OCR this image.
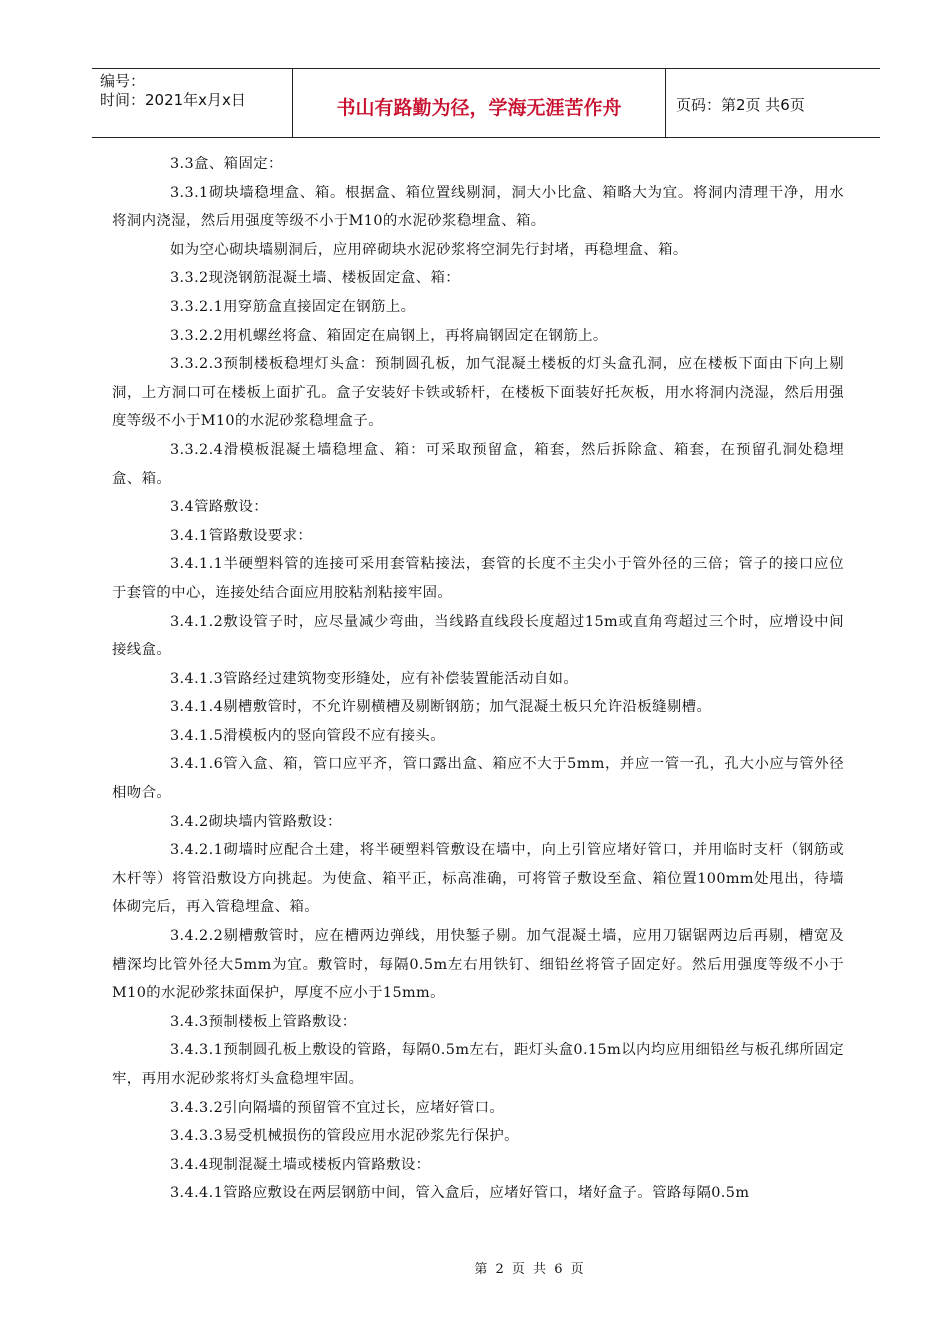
编号：
时间：2021年x月x日	书山有路勤为径，学海无涯苦作舟	页码：第2页 共6页

3.3盒、箱固定：

3.3.1砌块墙稳埋盒、箱。根据盒、箱位置线剔洞，洞大小比盒、箱略大为宜。将洞内清理干净，用水将洞内浇湿，然后用强度等级不小于M10的水泥砂浆稳埋盒、箱。

如为空心砌块墙剔洞后，应用碎砌块水泥砂浆将空洞先行封堵，再稳埋盒、箱。

3.3.2现浇钢筋混凝土墙、楼板固定盒、箱：

3.3.2.1用穿筋盒直接固定在钢筋上。

3.3.2.2用机螺丝将盒、箱固定在扁钢上，再将扁钢固定在钢筋上。

3.3.2.3预制楼板稳埋灯头盒：预制圆孔板，加气混凝土楼板的灯头盒孔洞，应在楼板下面由下向上剔洞，上方洞口可在楼板上面扩孔。盒子安装好卡铁或轿杆，在楼板下面装好托灰板，用水将洞内浇湿，然后用强度等级不小于M10的水泥砂浆稳埋盒子。

3.3.2.4滑模板混凝土墙稳埋盒、箱：可采取预留盒，箱套，然后拆除盒、箱套，在预留孔洞处稳埋盒、箱。

3.4管路敷设：

3.4.1管路敷设要求：

3.4.1.1半硬塑料管的连接可采用套管粘接法，套管的长度不主尖小于管外径的三倍；管子的接口应位于套管的中心，连接处结合面应用胶粘剂粘接牢固。

3.4.1.2敷设管子时，应尽量减少弯曲，当线路直线段长度超过15m或直角弯超过三个时，应增设中间接线盒。

3.4.1.3管路经过建筑物变形缝处，应有补偿装置能活动自如。

3.4.1.4剔槽敷管时，不允许剔横槽及剔断钢筋；加气混凝土板只允许沿板缝剔槽。

3.4.1.5滑模板内的竖向管段不应有接头。

3.4.1.6管入盒、箱，管口应平齐，管口露出盒、箱应不大于5mm，并应一管一孔，孔大小应与管外径相吻合。

3.4.2砌块墙内管路敷设：

3.4.2.1砌墙时应配合土建，将半硬塑料管敷设在墙中，向上引管应堵好管口，并用临时支杆（钢筋或木杆等）将管沿敷设方向挑起。为使盒、箱平正，标高准确，可将管子敷设至盒、箱位置100mm处甩出，待墙体砌完后，再入管稳埋盒、箱。

3.4.2.2剔槽敷管时，应在槽两边弹线，用快錾子剔。加气混凝土墙，应用刀锯锯两边后再剔，槽宽及槽深均比管外径大5mm为宜。敷管时，每隔0.5m左右用铁钉、细铅丝将管子固定好。然后用强度等级不小于M10的水泥砂浆抹面保护，厚度不应小于15mm。

3.4.3预制楼板上管路敷设：

3.4.3.1预制圆孔板上敷设的管路，每隔0.5m左右，距灯头盒0.15m以内均应用细铅丝与板孔绑所固定牢，再用水泥砂浆将灯头盒稳埋牢固。

3.4.3.2引向隔墙的预留管不宜过长，应堵好管口。

3.4.3.3易受机械损伤的管段应用水泥砂浆先行保护。

3.4.4现制混凝土墙或楼板内管路敷设：

3.4.4.1管路应敷设在两层钢筋中间，管入盒后，应堵好管口，堵好盒子。管路每隔0.5m

第 2 页 共 6 页
